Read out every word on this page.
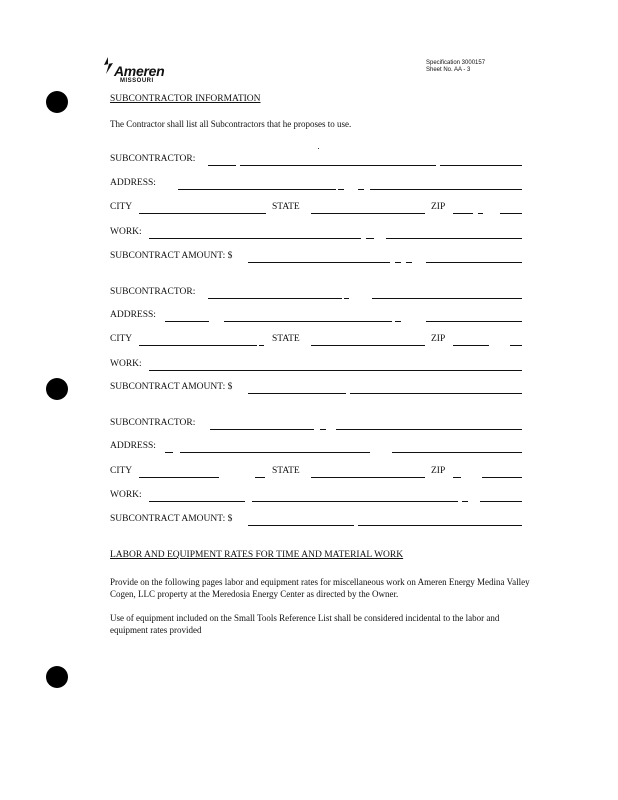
Ameren
MISSOURI
Specification 3000157
Sheet No. AA - 3
SUBCONTRACTOR INFORMATION
The Contractor shall list all Subcontractors that he proposes to use.
SUBCONTRACTOR:
ADDRESS:
CITY	STATE	ZIP
WORK:
SUBCONTRACT AMOUNT: $
SUBCONTRACTOR:
ADDRESS:
CITY	STATE	ZIP
WORK:
SUBCONTRACT AMOUNT: $
SUBCONTRACTOR:
ADDRESS:
CITY	STATE	ZIP
WORK:
SUBCONTRACT AMOUNT: $
LABOR AND EQUIPMENT RATES FOR TIME AND MATERIAL WORK
Provide on the following pages labor and equipment rates for miscellaneous work on Ameren Energy Medina Valley Cogen, LLC property at the Meredosia Energy Center as directed by the Owner.
Use of equipment included on the Small Tools Reference List shall be considered incidental to the labor and equipment rates provided
